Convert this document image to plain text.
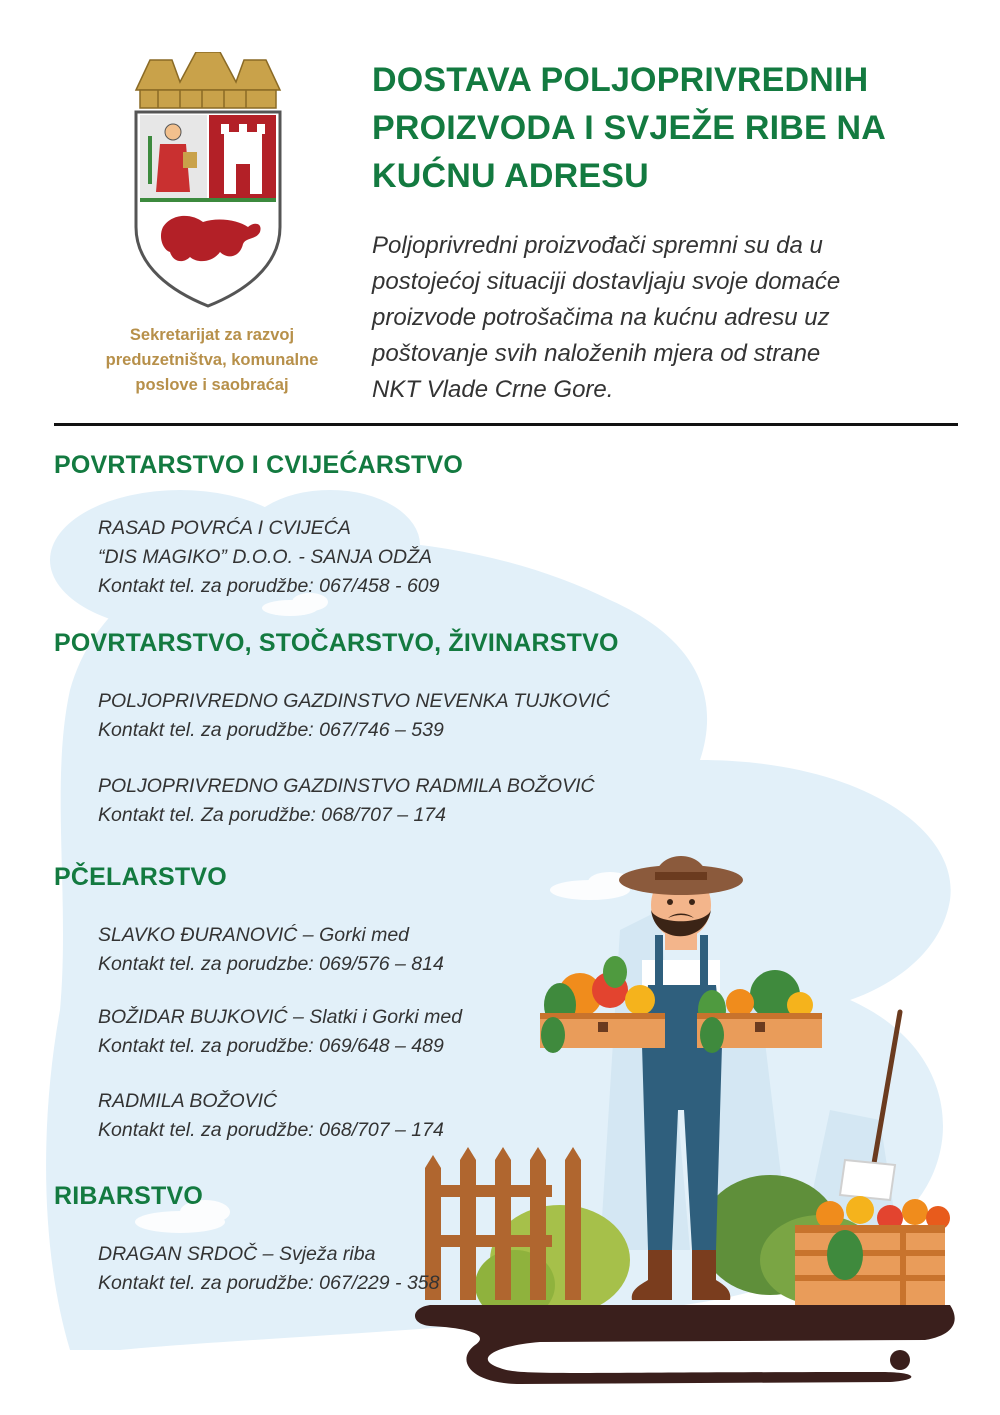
Sekretarijat za razvoj
preduzetništva, komunalne
poslove i saobraćaj

DOSTAVA POLJOPRIVREDNIH
PROIZVODA I SVJEŽE RIBE NA
KUĆNU ADRESU

Poljoprivredni proizvođači spremni su da u
postojećoj situaciji dostavljaju svoje domaće
proizvode potrošačima na kućnu adresu uz
poštovanje svih naloženih mjera od strane
NKT Vlade Crne Gore.

POVRTARSTVO I CVIJEĆARSTVO
RASAD POVRĆA I CVIJEĆA
“DIS MAGIKO” D.O.O. - SANJA ODŽA
Kontakt tel. za porudžbe: 067/458 - 609
POVRTARSTVO, STOČARSTVO, ŽIVINARSTVO
POLJOPRIVREDNO GAZDINSTVO NEVENKA TUJKOVIĆ
Kontakt tel. za porudžbe: 067/746 – 539
POLJOPRIVREDNO GAZDINSTVO RADMILA BOŽOVIĆ
Kontakt tel. Za porudžbe: 068/707 – 174
PČELARSTVO
SLAVKO ĐURANOVIĆ – Gorki med
Kontakt tel. za porudzbe: 069/576 – 814
BOŽIDAR BUJKOVIĆ – Slatki i Gorki med
Kontakt tel. za porudžbe: 069/648 – 489
RADMILA BOŽOVIĆ
Kontakt tel. za porudžbe: 068/707 – 174
RIBARSTVO
DRAGAN SRDOČ – Svježa riba
Kontakt tel. za porudžbe: 067/229 - 358
